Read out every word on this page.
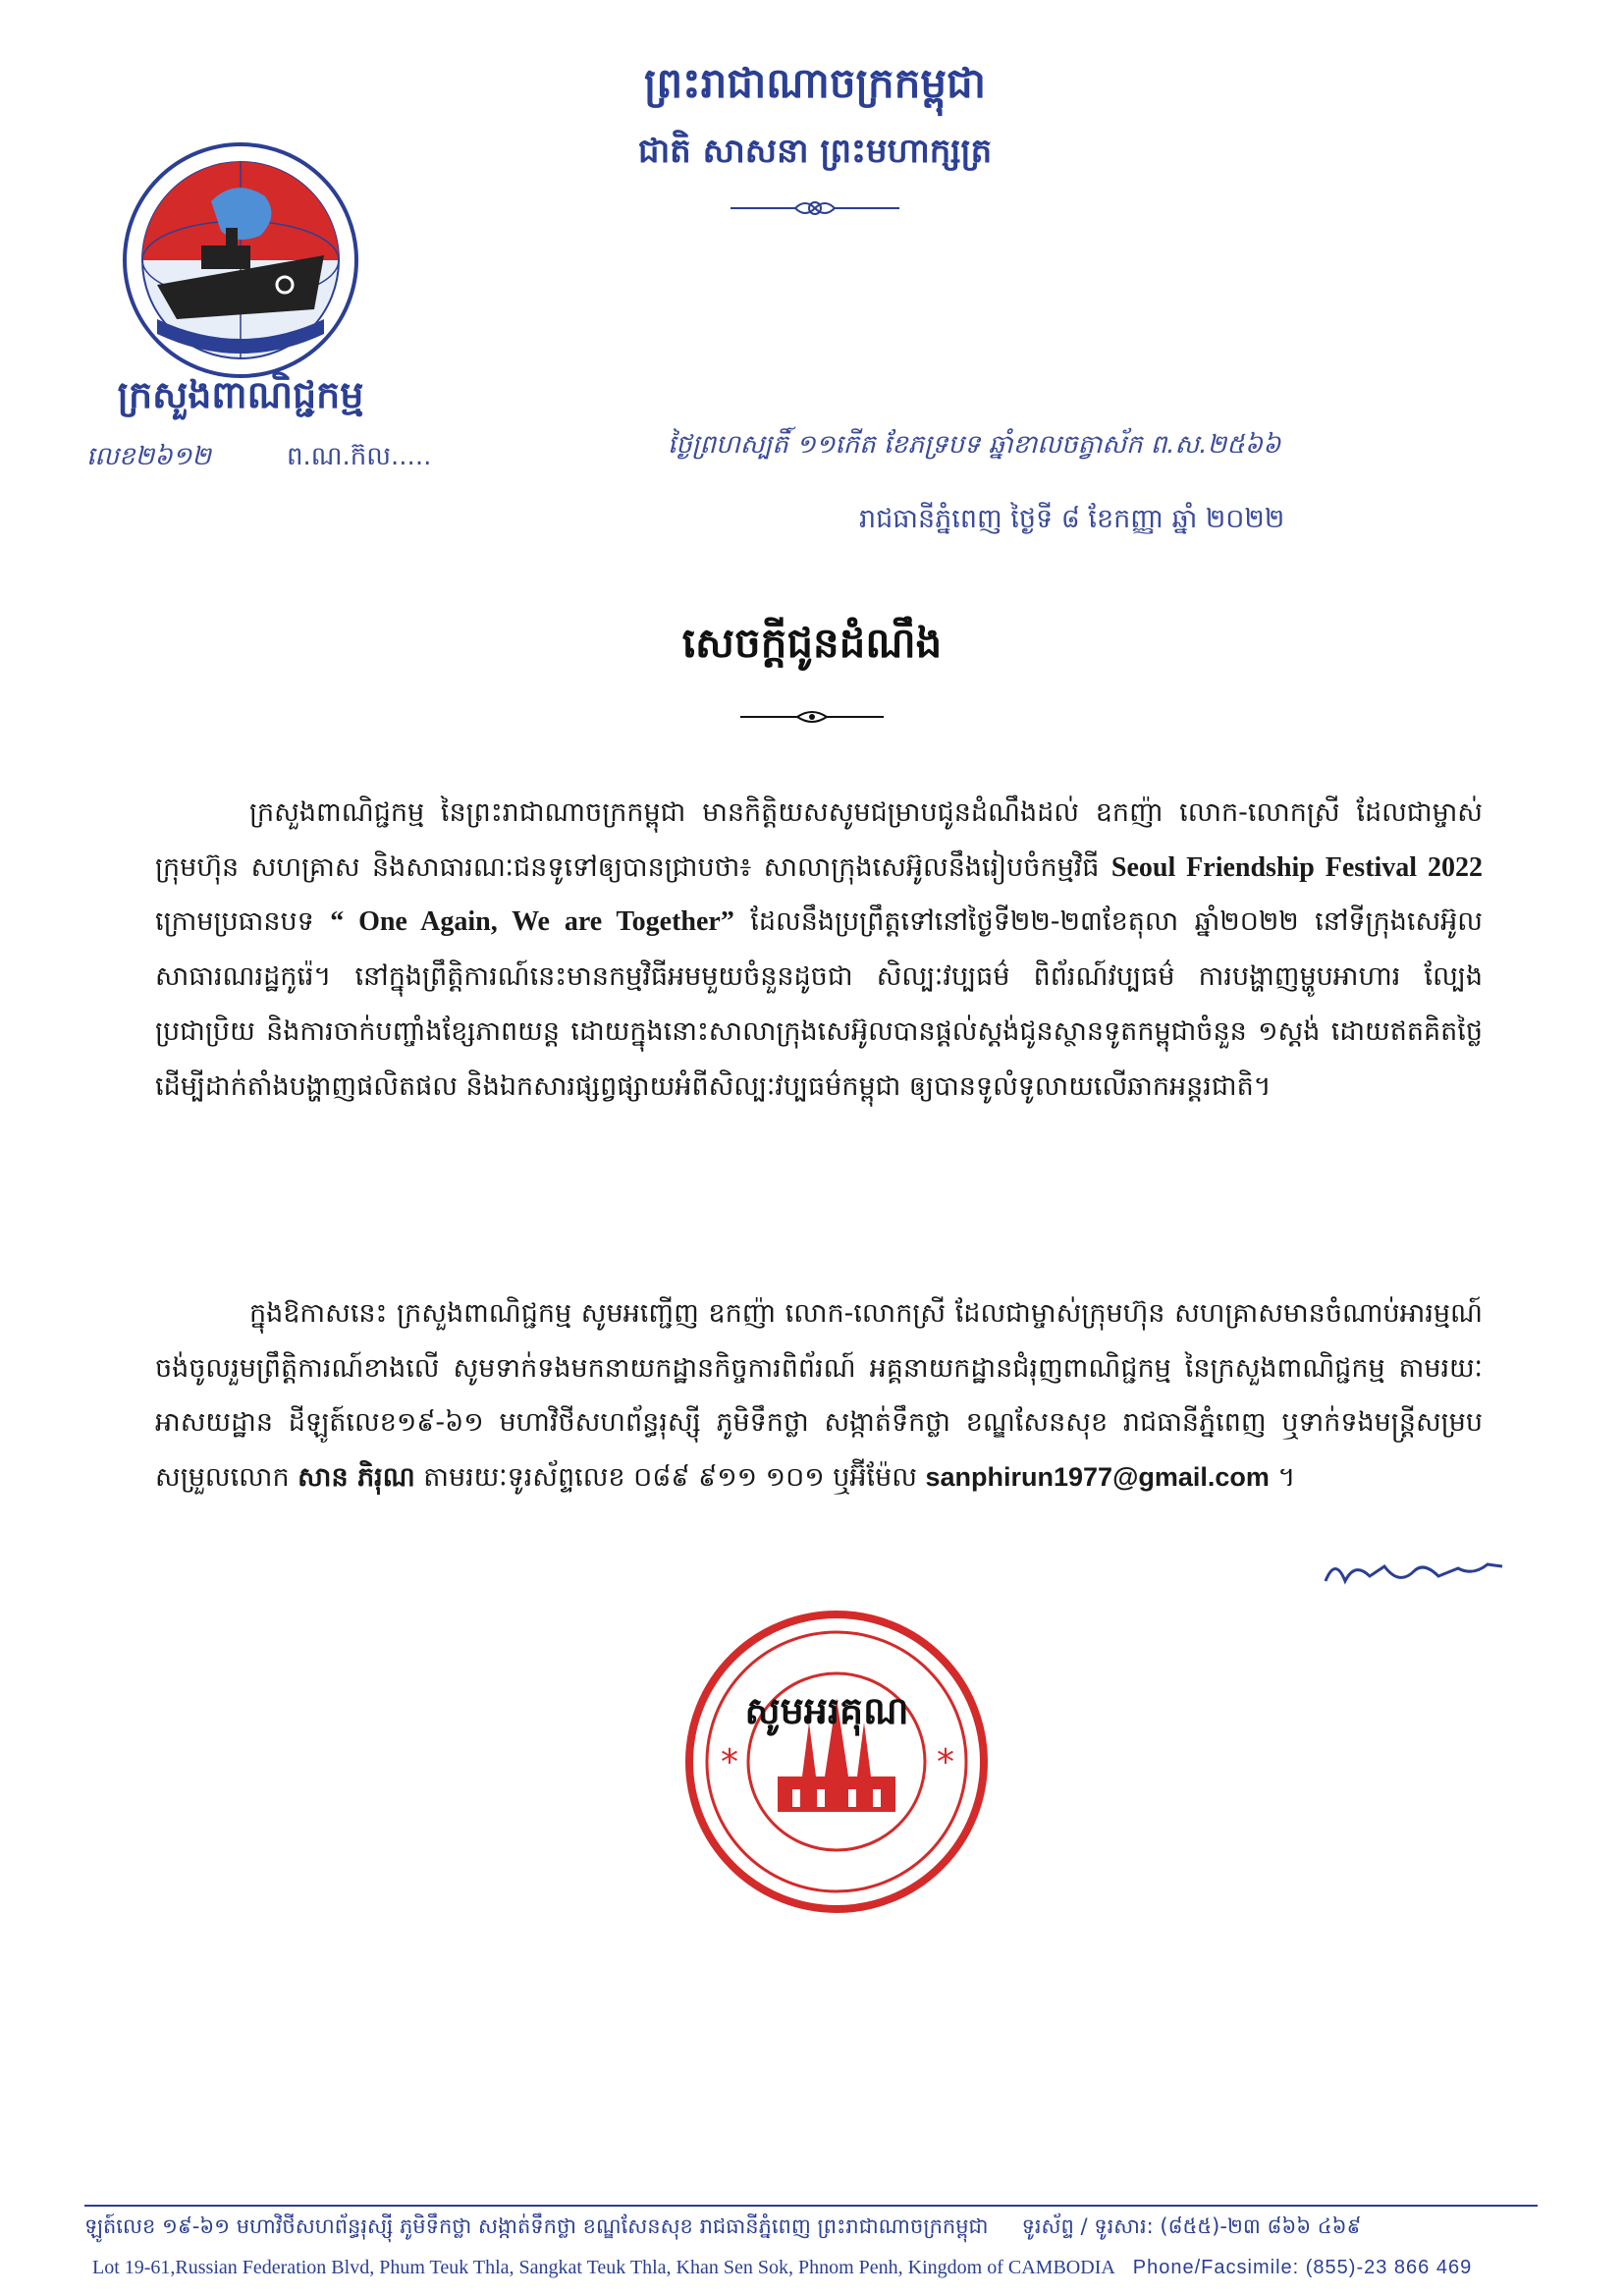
ព្រះរាជាណាចក្រកម្ពុជា
ជាតិ សាសនា ព្រះមហាក្សត្រ
ក្រសួងពាណិជ្ជកម្ម
លេខ២៦១២	ព.ណ.ក៊ល.....	ថ្ងៃព្រហស្បតិ៍ ១១កើត ខែភទ្របទ ឆ្នាំខាលចត្វាស័ក ព.ស.២៥៦៦
រាជធានីភ្នំពេញ ថ្ងៃទី ៨ ខែកញ្ញា ឆ្នាំ ២០២២
សេចក្តីជូនដំណឹង

ក្រសួងពាណិជ្ជកម្ម នៃព្រះរាជាណាចក្រកម្ពុជា មានកិត្តិយសសូមជម្រាបជូនដំណឹងដល់ ឧកញ៉ា លោក-លោកស្រី ដែលជាម្ចាស់ក្រុមហ៊ុន សហគ្រាស និងសាធារណៈជនទូទៅឲ្យបានជ្រាបថា៖ សាលាក្រុងសេអ៊ូលនឹងរៀបចំកម្មវិធី Seoul Friendship Festival 2022 ក្រោមប្រធានបទ “ One Again, We are Together” ដែលនឹងប្រព្រឹត្តទៅនៅថ្ងៃទី២២-២៣ខែតុលា ឆ្នាំ២០២២ នៅទីក្រុងសេអ៊ូល សាធារណរដ្ឋកូរ៉េ។ នៅក្នុងព្រឹត្តិការណ៍នេះមានកម្មវិធីអមមួយចំនួនដូចជា សិល្បៈវប្បធម៌ ពិព័រណ៍វប្បធម៌ ការបង្ហាញម្ហូបអាហារ ល្បែងប្រជាប្រិយ និងការចាក់បញ្ចាំងខ្សែភាពយន្ត ដោយក្នុងនោះសាលាក្រុងសេអ៊ូលបានផ្តល់ស្តង់ជូនស្ថានទូតកម្ពុជាចំនួន ១ស្តង់ ដោយឥតគិតថ្លៃ ដើម្បីដាក់តាំងបង្ហាញផលិតផល និងឯកសារផ្សព្វផ្សាយអំពីសិល្បៈវប្បធម៌កម្ពុជា ឲ្យបានទូលំទូលាយលើឆាកអន្តរជាតិ។

ក្នុងឱកាសនេះ ក្រសួងពាណិជ្ជកម្ម សូមអញ្ជើញ ឧកញ៉ា លោក-លោកស្រី ដែលជាម្ចាស់ក្រុមហ៊ុន សហគ្រាសមានចំណាប់អារម្មណ៍ចង់ចូលរួមព្រឹត្តិការណ៍ខាងលើ សូមទាក់ទងមកនាយកដ្ឋានកិច្ចការពិព័រណ៍ អគ្គនាយកដ្ឋានជំរុញពាណិជ្ជកម្ម នៃក្រសួងពាណិជ្ជកម្ម តាមរយៈអាសយដ្ឋាន ដីឡូត៍លេខ១៩-៦១ មហាវិថីសហព័ន្ធរុស្ស៊ី ភូមិទឹកថ្លា សង្កាត់ទឹកថ្លា ខណ្ឌសែនសុខ រាជធានីភ្នំពេញ ឬទាក់ទងមន្ត្រីសម្របសម្រួលលោក សាន ភិរុណ តាមរយៈទូរស័ព្ទលេខ ០៨៩ ៩១១ ១០១ ឬអ៊ីម៉ែល sanphirun1977@gmail.com ។

*	*
សូមអរគុណ
ឡូត៍លេខ ១៩-៦១ មហាវិថីសហព័ន្ធរុស្ស៊ី ភូមិទឹកថ្លា សង្កាត់ទឹកថ្លា ខណ្ឌសែនសុខ រាជធានីភ្នំពេញ ព្រះរាជាណាចក្រកម្ពុជា ទូរស័ព្ទ / ទូរសារ: (៨៥៥)-២៣ ៨៦៦ ៤៦៩
Lot 19-61,Russian Federation Blvd, Phum Teuk Thla, Sangkat Teuk Thla, Khan Sen Sok, Phnom Penh, Kingdom of CAMBODIA Phone/Facsimile: (855)-23 866 469
